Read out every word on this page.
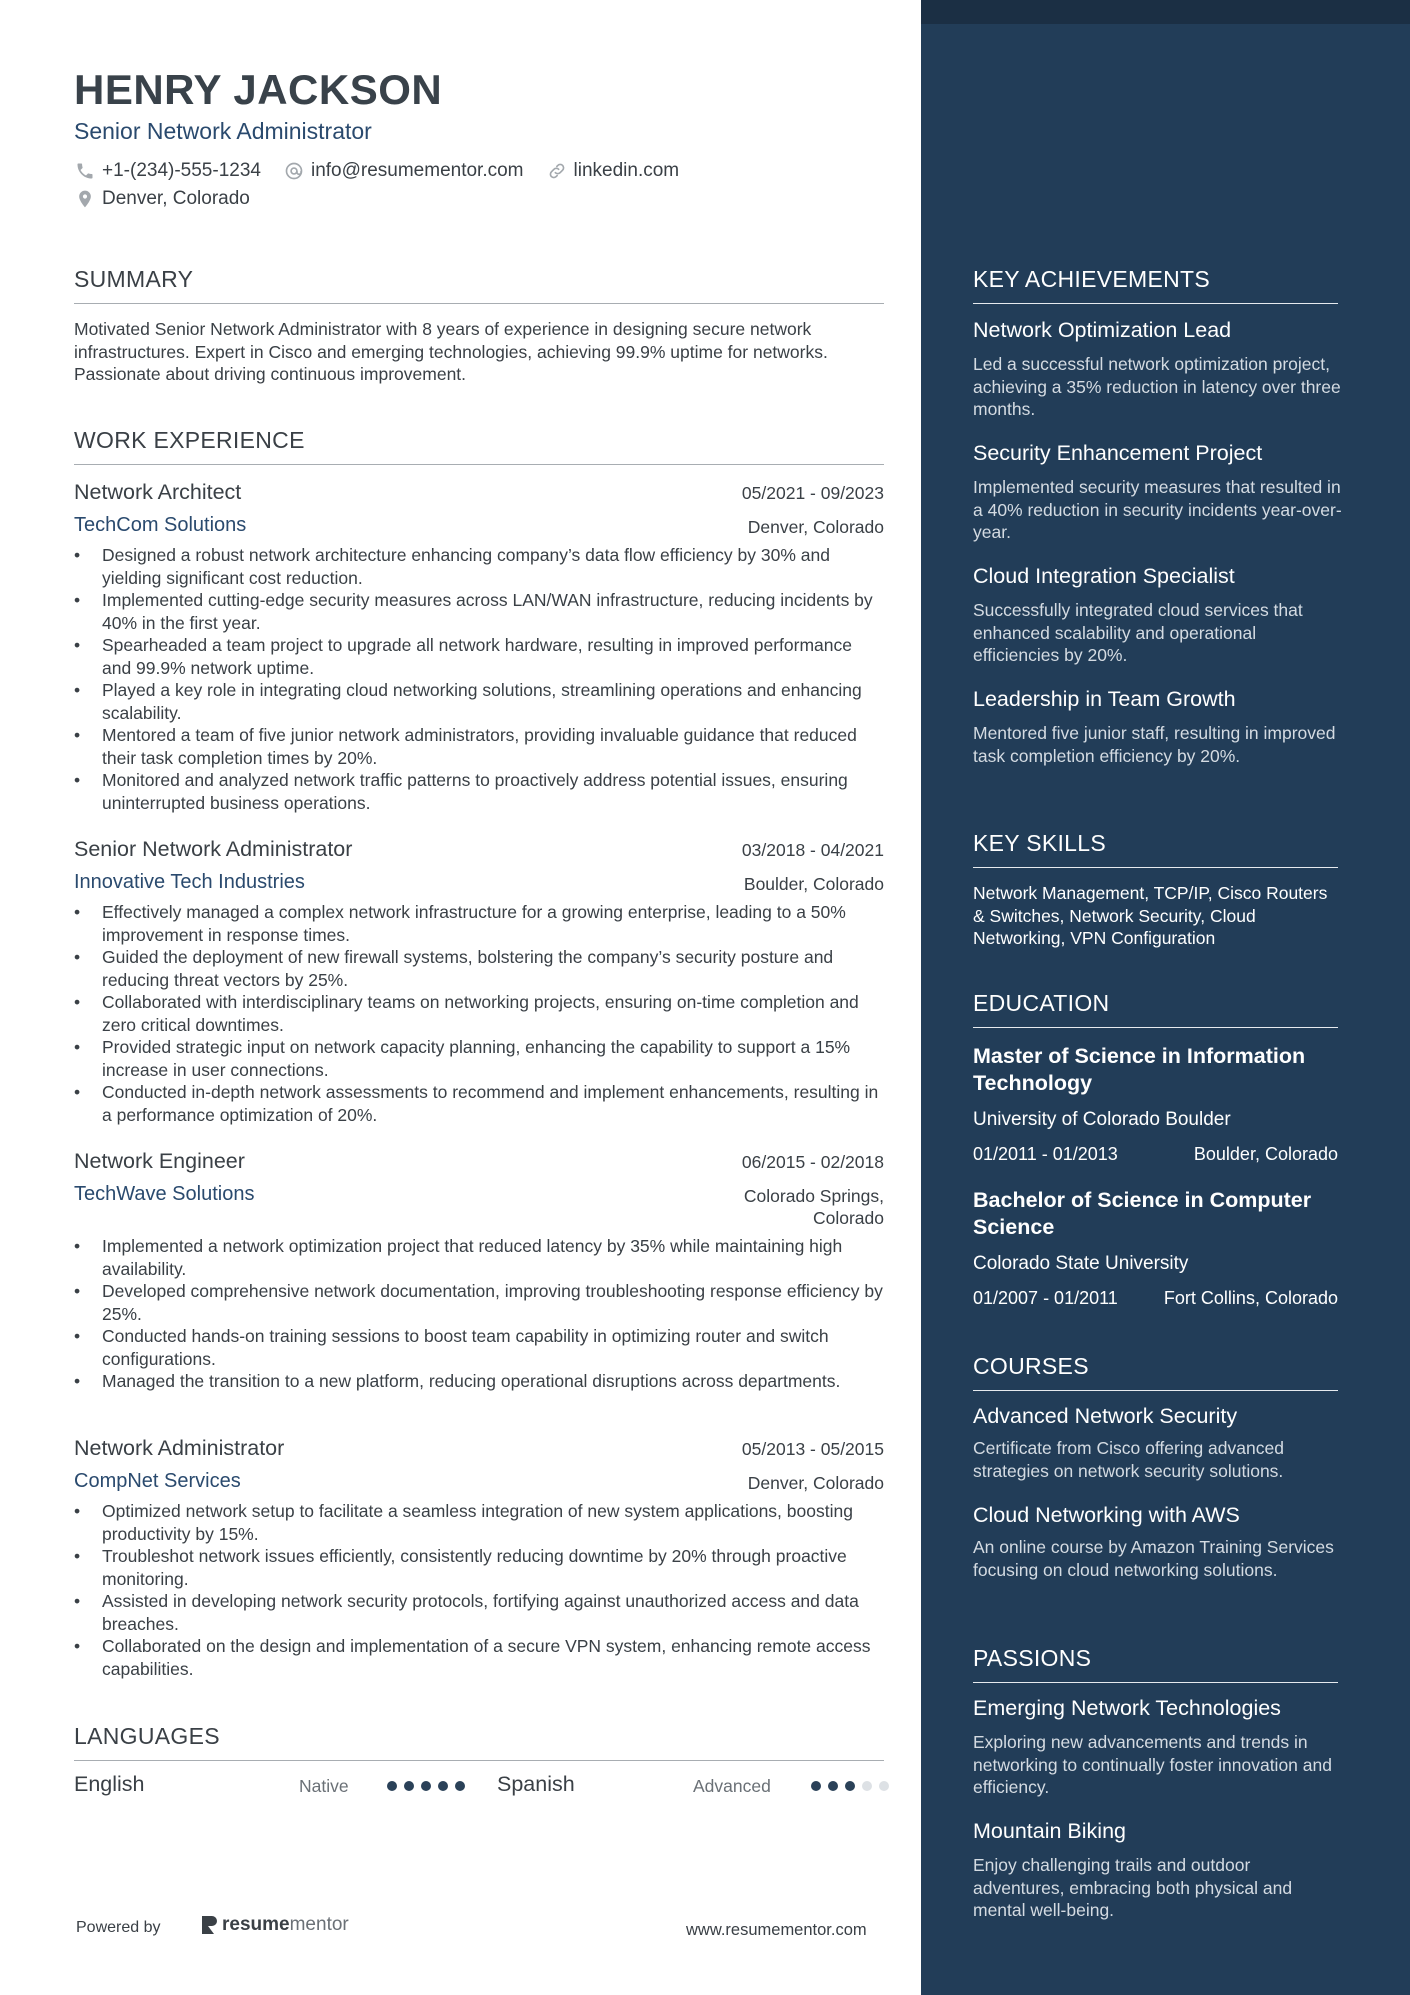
HENRY JACKSON
Senior Network Administrator
+1-(234)-555-1234	info@resumementor.com	linkedin.com
Denver, Colorado
SUMMARY
Motivated Senior Network Administrator with 8 years of experience in designing secure network infrastructures. Expert in Cisco and emerging technologies, achieving 99.9% uptime for networks. Passionate about driving continuous improvement.
WORK EXPERIENCE
Network Architect	05/2021 - 09/2023
TechCom Solutions	Denver, Colorado
• Designed a robust network architecture enhancing company’s data flow efficiency by 30% and yielding significant cost reduction.
• Implemented cutting-edge security measures across LAN/WAN infrastructure, reducing incidents by 40% in the first year.
• Spearheaded a team project to upgrade all network hardware, resulting in improved performance and 99.9% network uptime.
• Played a key role in integrating cloud networking solutions, streamlining operations and enhancing scalability.
• Mentored a team of five junior network administrators, providing invaluable guidance that reduced their task completion times by 20%.
• Monitored and analyzed network traffic patterns to proactively address potential issues, ensuring uninterrupted business operations.
Senior Network Administrator	03/2018 - 04/2021
Innovative Tech Industries	Boulder, Colorado
• Effectively managed a complex network infrastructure for a growing enterprise, leading to a 50% improvement in response times.
• Guided the deployment of new firewall systems, bolstering the company’s security posture and reducing threat vectors by 25%.
• Collaborated with interdisciplinary teams on networking projects, ensuring on-time completion and zero critical downtimes.
• Provided strategic input on network capacity planning, enhancing the capability to support a 15% increase in user connections.
• Conducted in-depth network assessments to recommend and implement enhancements, resulting in a performance optimization of 20%.
Network Engineer	06/2015 - 02/2018
TechWave Solutions	Colorado Springs,
Colorado
• Implemented a network optimization project that reduced latency by 35% while maintaining high availability.
• Developed comprehensive network documentation, improving troubleshooting response efficiency by 25%.
• Conducted hands-on training sessions to boost team capability in optimizing router and switch configurations.
• Managed the transition to a new platform, reducing operational disruptions across departments.
Network Administrator	05/2013 - 05/2015
CompNet Services	Denver, Colorado
• Optimized network setup to facilitate a seamless integration of new system applications, boosting productivity by 15%.
• Troubleshot network issues efficiently, consistently reducing downtime by 20% through proactive monitoring.
• Assisted in developing network security protocols, fortifying against unauthorized access and data breaches.
• Collaborated on the design and implementation of a secure VPN system, enhancing remote access capabilities.
LANGUAGES
English	Native	Spanish	Advanced
Powered by	resume mentor	www.resumementor.com
KEY ACHIEVEMENTS
Network Optimization Lead
Led a successful network optimization project, achieving a 35% reduction in latency over three months.
Security Enhancement Project
Implemented security measures that resulted in a 40% reduction in security incidents year-over-year.
Cloud Integration Specialist
Successfully integrated cloud services that enhanced scalability and operational efficiencies by 20%.
Leadership in Team Growth
Mentored five junior staff, resulting in improved task completion efficiency by 20%.
KEY SKILLS
Network Management, TCP/IP, Cisco Routers & Switches, Network Security, Cloud Networking, VPN Configuration
EDUCATION
Master of Science in Information Technology
University of Colorado Boulder
01/2011 - 01/2013	Boulder, Colorado
Bachelor of Science in Computer Science
Colorado State University
01/2007 - 01/2011	Fort Collins, Colorado
COURSES
Advanced Network Security
Certificate from Cisco offering advanced strategies on network security solutions.
Cloud Networking with AWS
An online course by Amazon Training Services focusing on cloud networking solutions.
PASSIONS
Emerging Network Technologies
Exploring new advancements and trends in networking to continually foster innovation and efficiency.
Mountain Biking
Enjoy challenging trails and outdoor adventures, embracing both physical and mental well-being.
